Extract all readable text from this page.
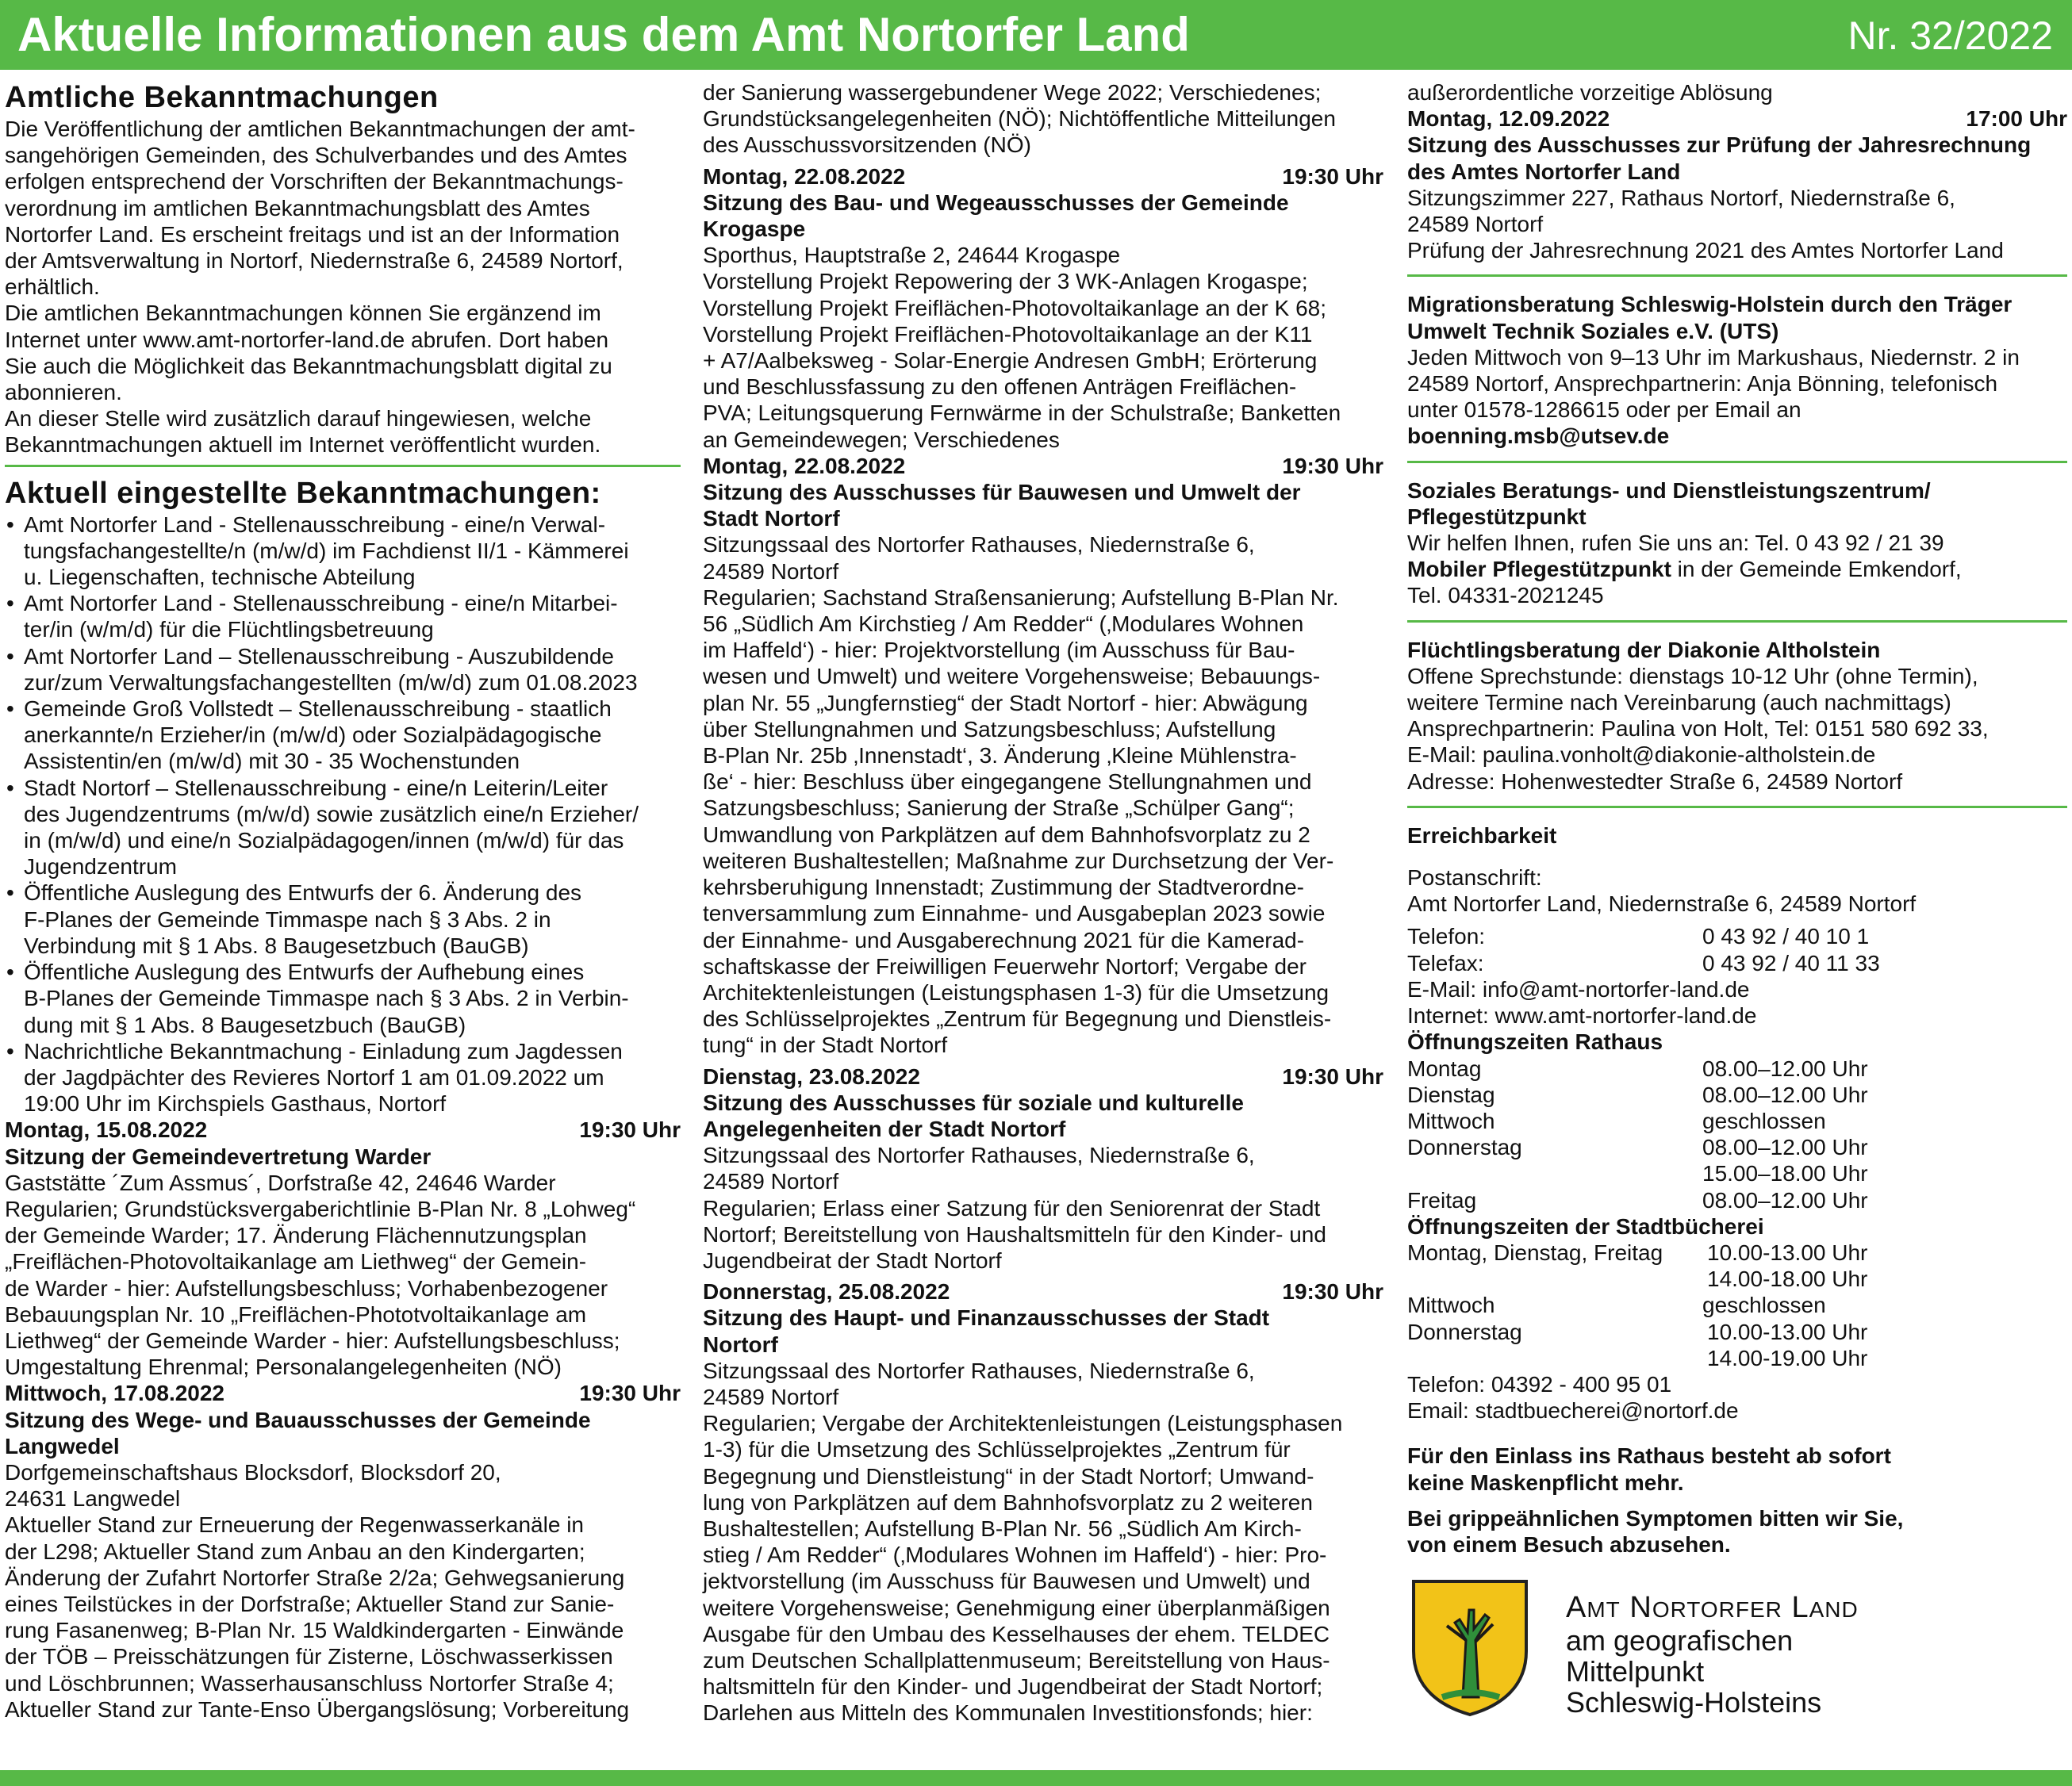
Aktuelle Informationen aus dem Amt Nortorfer Land	Nr. 32/2022
Amtliche Bekanntmachungen

Die Veröffentlichung der amtlichen Bekanntmachungen der amt-

sangehörigen Gemeinden, des Schulverbandes und des Amtes

erfolgen entsprechend der Vorschriften der Bekanntmachungs-

verordnung im amtlichen Bekanntmachungsblatt des Amtes

Nortorfer Land. Es erscheint freitags und ist an der Information

der Amtsverwaltung in Nortorf, Niedernstraße 6, 24589 Nortorf,

erhältlich.

Die amtlichen Bekanntmachungen können Sie ergänzend im

Internet unter www.amt-nortorfer-land.de abrufen. Dort haben

Sie auch die Möglichkeit das Bekanntmachungsblatt digital zu

abonnieren.

An dieser Stelle wird zusätzlich darauf hingewiesen, welche

Bekanntmachungen aktuell im Internet veröffentlicht wurden.

Aktuell eingestellte Bekanntmachungen:

• Amt Nortorfer Land - Stellenausschreibung - eine/n Verwal-

tungsfachangestellte/n (m/w/d) im Fachdienst II/1 - Kämmerei

u. Liegenschaften, technische Abteilung

• Amt Nortorfer Land - Stellenausschreibung - eine/n Mitarbei-

ter/in (w/m/d) für die Flüchtlingsbetreuung

• Amt Nortorfer Land – Stellenausschreibung - Auszubildende

zur/zum Verwaltungsfachangestellten (m/w/d) zum 01.08.2023

• Gemeinde Groß Vollstedt – Stellenausschreibung - staatlich

anerkannte/n Erzieher/in (m/w/d) oder Sozialpädagogische

Assistentin/en (m/w/d) mit 30 - 35 Wochenstunden

• Stadt Nortorf – Stellenausschreibung - eine/n Leiterin/Leiter

des Jugendzentrums (m/w/d) sowie zusätzlich eine/n Erzieher/

in (m/w/d) und eine/n Sozialpädagogen/innen (m/w/d) für das

Jugendzentrum

• Öffentliche Auslegung des Entwurfs der 6. Änderung des

F-Planes der Gemeinde Timmaspe nach § 3 Abs. 2 in

Verbindung mit § 1 Abs. 8 Baugesetzbuch (BauGB)

• Öffentliche Auslegung des Entwurfs der Aufhebung eines

B-Planes der Gemeinde Timmaspe nach § 3 Abs. 2 in Verbin-

dung mit § 1 Abs. 8 Baugesetzbuch (BauGB)

• Nachrichtliche Bekanntmachung - Einladung zum Jagdessen

der Jagdpächter des Revieres Nortorf 1 am 01.09.2022 um

19:00 Uhr im Kirchspiels Gasthaus, Nortorf

Montag, 15.08.2022	19:30 Uhr

Sitzung der Gemeindevertretung Warder

Gaststätte ´Zum Assmus´, Dorfstraße 42, 24646 Warder

Regularien; Grundstücksvergaberichtlinie B-Plan Nr. 8 „Lohweg“

der Gemeinde Warder; 17. Änderung Flächennutzungsplan

„Freiflächen-Photovoltaikanlage am Liethweg“ der Gemein-

de Warder - hier: Aufstellungsbeschluss; Vorhabenbezogener

Bebauungsplan Nr. 10 „Freiflächen-Phototvoltaikanlage am

Liethweg“ der Gemeinde Warder - hier: Aufstellungsbeschluss;

Umgestaltung Ehrenmal; Personalangelegenheiten (NÖ)

Mittwoch, 17.08.2022	19:30 Uhr

Sitzung des Wege- und Bauausschusses der Gemeinde

Langwedel

Dorfgemeinschaftshaus Blocksdorf, Blocksdorf 20,

24631 Langwedel

Aktueller Stand zur Erneuerung der Regenwasserkanäle in

der L298; Aktueller Stand zum Anbau an den Kindergarten;

Änderung der Zufahrt Nortorfer Straße 2/2a; Gehwegsanierung

eines Teilstückes in der Dorfstraße; Aktueller Stand zur Sanie-

rung Fasanenweg; B-Plan Nr. 15 Waldkindergarten - Einwände

der TÖB – Preisschätzungen für Zisterne, Löschwasserkissen

und Löschbrunnen; Wasserhausanschluss Nortorfer Straße 4;

Aktueller Stand zur Tante-Enso Übergangslösung; Vorbereitung

der Sanierung wassergebundener Wege 2022; Verschiedenes;

Grundstücksangelegenheiten (NÖ); Nichtöffentliche Mitteilungen

des Ausschussvorsitzenden (NÖ)

Montag, 22.08.2022	19:30 Uhr

Sitzung des Bau- und Wegeausschusses der Gemeinde

Krogaspe

Sporthus, Hauptstraße 2, 24644 Krogaspe

Vorstellung Projekt Repowering der 3 WK-Anlagen Krogaspe;

Vorstellung Projekt Freiflächen-Photovoltaikanlage an der K 68;

Vorstellung Projekt Freiflächen-Photovoltaikanlage an der K11

+ A7/Aalbeksweg - Solar-Energie Andresen GmbH; Erörterung

und Beschlussfassung zu den offenen Anträgen Freiflächen-

PVA; Leitungsquerung Fernwärme in der Schulstraße; Banketten

an Gemeindewegen; Verschiedenes

Montag, 22.08.2022	19:30 Uhr

Sitzung des Ausschusses für Bauwesen und Umwelt der

Stadt Nortorf

Sitzungssaal des Nortorfer Rathauses, Niedernstraße 6,

24589 Nortorf

Regularien; Sachstand Straßensanierung; Aufstellung B-Plan Nr.

56 „Südlich Am Kirchstieg / Am Redder“ (‚Modulares Wohnen

im Haffeld‘) - hier: Projektvorstellung (im Ausschuss für Bau-

wesen und Umwelt) und weitere Vorgehensweise; Bebauungs-

plan Nr. 55 „Jungfernstieg“ der Stadt Nortorf - hier: Abwägung

über Stellungnahmen und Satzungsbeschluss; Aufstellung

B-Plan Nr. 25b ‚Innenstadt‘, 3. Änderung ‚Kleine Mühlenstra-

ße‘ - hier: Beschluss über eingegangene Stellungnahmen und

Satzungsbeschluss; Sanierung der Straße „Schülper Gang“;

Umwandlung von Parkplätzen auf dem Bahnhofsvorplatz zu 2

weiteren Bushaltestellen; Maßnahme zur Durchsetzung der Ver-

kehrsberuhigung Innenstadt; Zustimmung der Stadtverordne-

tenversammlung zum Einnahme- und Ausgabeplan 2023 sowie

der Einnahme- und Ausgaberechnung 2021 für die Kamerad-

schaftskasse der Freiwilligen Feuerwehr Nortorf; Vergabe der

Architektenleistungen (Leistungsphasen 1-3) für die Umsetzung

des Schlüsselprojektes „Zentrum für Begegnung und Dienstleis-

tung“ in der Stadt Nortorf

Dienstag, 23.08.2022	19:30 Uhr

Sitzung des Ausschusses für soziale und kulturelle

Angelegenheiten der Stadt Nortorf

Sitzungssaal des Nortorfer Rathauses, Niedernstraße 6,

24589 Nortorf

Regularien; Erlass einer Satzung für den Seniorenrat der Stadt

Nortorf; Bereitstellung von Haushaltsmitteln für den Kinder- und

Jugendbeirat der Stadt Nortorf

Donnerstag, 25.08.2022	19:30 Uhr

Sitzung des Haupt- und Finanzausschusses der Stadt

Nortorf

Sitzungssaal des Nortorfer Rathauses, Niedernstraße 6,

24589 Nortorf

Regularien; Vergabe der Architektenleistungen (Leistungsphasen

1-3) für die Umsetzung des Schlüsselprojektes „Zentrum für

Begegnung und Dienstleistung“ in der Stadt Nortorf; Umwand-

lung von Parkplätzen auf dem Bahnhofsvorplatz zu 2 weiteren

Bushaltestellen; Aufstellung B-Plan Nr. 56 „Südlich Am Kirch-

stieg / Am Redder“ (‚Modulares Wohnen im Haffeld‘) - hier: Pro-

jektvorstellung (im Ausschuss für Bauwesen und Umwelt) und

weitere Vorgehensweise; Genehmigung einer überplanmäßigen

Ausgabe für den Umbau des Kesselhauses der ehem. TELDEC

zum Deutschen Schallplattenmuseum; Bereitstellung von Haus-

haltsmitteln für den Kinder- und Jugendbeirat der Stadt Nortorf;

Darlehen aus Mitteln des Kommunalen Investitionsfonds; hier:

außerordentliche vorzeitige Ablösung

Montag, 12.09.2022	17:00 Uhr

Sitzung des Ausschusses zur Prüfung der Jahresrechnung

des Amtes Nortorfer Land

Sitzungszimmer 227, Rathaus Nortorf, Niedernstraße 6,

24589 Nortorf

Prüfung der Jahresrechnung 2021 des Amtes Nortorfer Land

Migrationsberatung Schleswig-Holstein durch den Träger

Umwelt Technik Soziales e.V. (UTS)

Jeden Mittwoch von 9–13 Uhr im Markushaus, Niedernstr. 2 in

24589 Nortorf, Ansprechpartnerin: Anja Bönning, telefonisch

unter 01578-1286615 oder per Email an

boenning.msb@utsev.de

Soziales Beratungs- und Dienstleistungszentrum/

Pflegestützpunkt

Wir helfen Ihnen, rufen Sie uns an: Tel. 0 43 92 / 21 39

Mobiler Pflegestützpunkt in der Gemeinde Emkendorf,

Tel. 04331-2021245

Flüchtlingsberatung der Diakonie Altholstein

Offene Sprechstunde: dienstags 10-12 Uhr (ohne Termin),

weitere Termine nach Vereinbarung (auch nachmittags)

Ansprechpartnerin: Paulina von Holt, Tel: 0151 580 692 33,

E-Mail: paulina.vonholt@diakonie-altholstein.de

Adresse: Hohenwestedter Straße 6, 24589 Nortorf

Erreichbarkeit

Postanschrift:

Amt Nortorfer Land, Niedernstraße 6, 24589 Nortorf

Telefon:	0 43 92 / 40 10 1
Telefax:	0 43 92 / 40 11 33

E-Mail: info@amt-nortorfer-land.de

Internet: www.amt-nortorfer-land.de

Öffnungszeiten Rathaus

Montag	08.00–12.00 Uhr
Dienstag	08.00–12.00 Uhr
Mittwoch	geschlossen
Donnerstag	08.00–12.00 Uhr
15.00–18.00 Uhr
Freitag	08.00–12.00 Uhr

Öffnungszeiten der Stadtbücherei

Montag, Dienstag, Freitag	10.00-13.00 Uhr
14.00-18.00 Uhr
Mittwoch	geschlossen
Donnerstag	10.00-13.00 Uhr
14.00-19.00 Uhr

Telefon: 04392 - 400 95 01

Email: stadtbuecherei@nortorf.de

Für den Einlass ins Rathaus besteht ab sofort

keine Maskenpflicht mehr.

Bei grippeähnlichen Symptomen bitten wir Sie,

von einem Besuch abzusehen.

AMT NORTORFER LAND
am geografischen
Mittelpunkt
Schleswig-Holsteins
